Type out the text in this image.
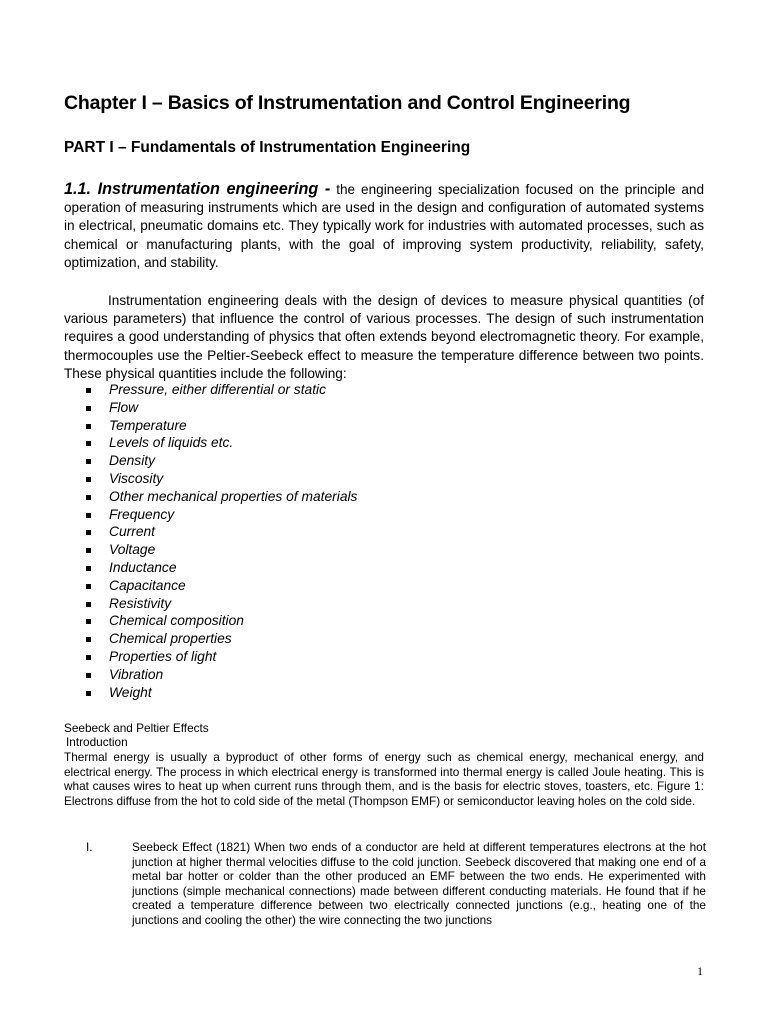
Chapter I – Basics of Instrumentation and Control Engineering
PART I – Fundamentals of Instrumentation Engineering
1.1. Instrumentation engineering - the engineering specialization focused on the principle and operation of measuring instruments which are used in the design and configuration of automated systems in electrical, pneumatic domains etc. They typically work for industries with automated processes, such as chemical or manufacturing plants, with the goal of improving system productivity, reliability, safety, optimization, and stability.
Instrumentation engineering deals with the design of devices to measure physical quantities (of various parameters) that influence the control of various processes. The design of such instrumentation requires a good understanding of physics that often extends beyond electromagnetic theory. For example, thermocouples use the Peltier-Seebeck effect to measure the temperature difference between two points. These physical quantities include the following:
Pressure, either differential or static
Flow
Temperature
Levels of liquids etc.
Density
Viscosity
Other mechanical properties of materials
Frequency
Current
Voltage
Inductance
Capacitance
Resistivity
Chemical composition
Chemical properties
Properties of light
Vibration
Weight
Seebeck and Peltier Effects
Introduction
Thermal energy is usually a byproduct of other forms of energy such as chemical energy, mechanical energy, and electrical energy. The process in which electrical energy is transformed into thermal energy is called Joule heating. This is what causes wires to heat up when current runs through them, and is the basis for electric stoves, toasters, etc. Figure 1: Electrons diffuse from the hot to cold side of the metal (Thompson EMF) or semiconductor leaving holes on the cold side.
I.	Seebeck Effect (1821) When two ends of a conductor are held at different temperatures electrons at the hot junction at higher thermal velocities diffuse to the cold junction. Seebeck discovered that making one end of a metal bar hotter or colder than the other produced an EMF between the two ends. He experimented with junctions (simple mechanical connections) made between different conducting materials. He found that if he created a temperature difference between two electrically connected junctions (e.g., heating one of the junctions and cooling the other) the wire connecting the two junctions
1
